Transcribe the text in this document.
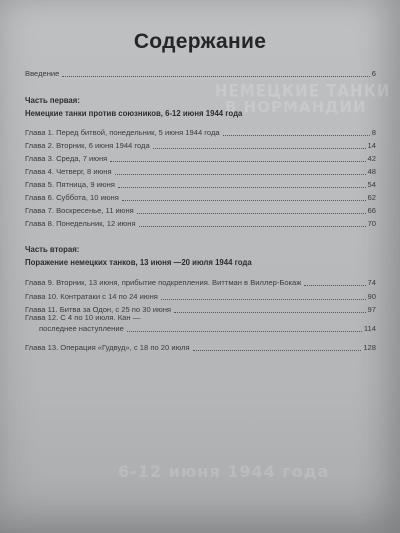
НЕМЕЦКИЕ ТАНКИ
В НОРМАНДИИ
6-12 июня 1944 года
Содержание
Введение	6
Часть первая:
Немецкие танки против союзников, 6-12 июня 1944 года
Глава 1. Перед битвой, понедельник, 5 июня 1944 года	8
Глава 2. Вторник, 6 июня 1944 года	14
Глава 3. Среда, 7 июня	42
Глава 4. Четверг, 8 июня	48
Глава 5. Пятница, 9 июня	54
Глава 6. Суббота, 10 июня	62
Глава 7. Воскресенье, 11 июня	66
Глава 8. Понедельник, 12 июня	70
Часть вторая:
Поражение немецких танков, 13 июня —20 июля 1944 года
Глава 9. Вторник, 13 июня, прибытие подкрепления. Виттман в Виллер-Бокаж	74
Глава 10. Контратаки с 14 по 24 июня	90
Глава 11. Битва за Одон, с 25 по 30 июня	97
Глава 12. С 4 по 10 июля. Кан —
последнее наступление	114
Глава 13. Операция «Гудвуд», с 18 по 20 июля	128
